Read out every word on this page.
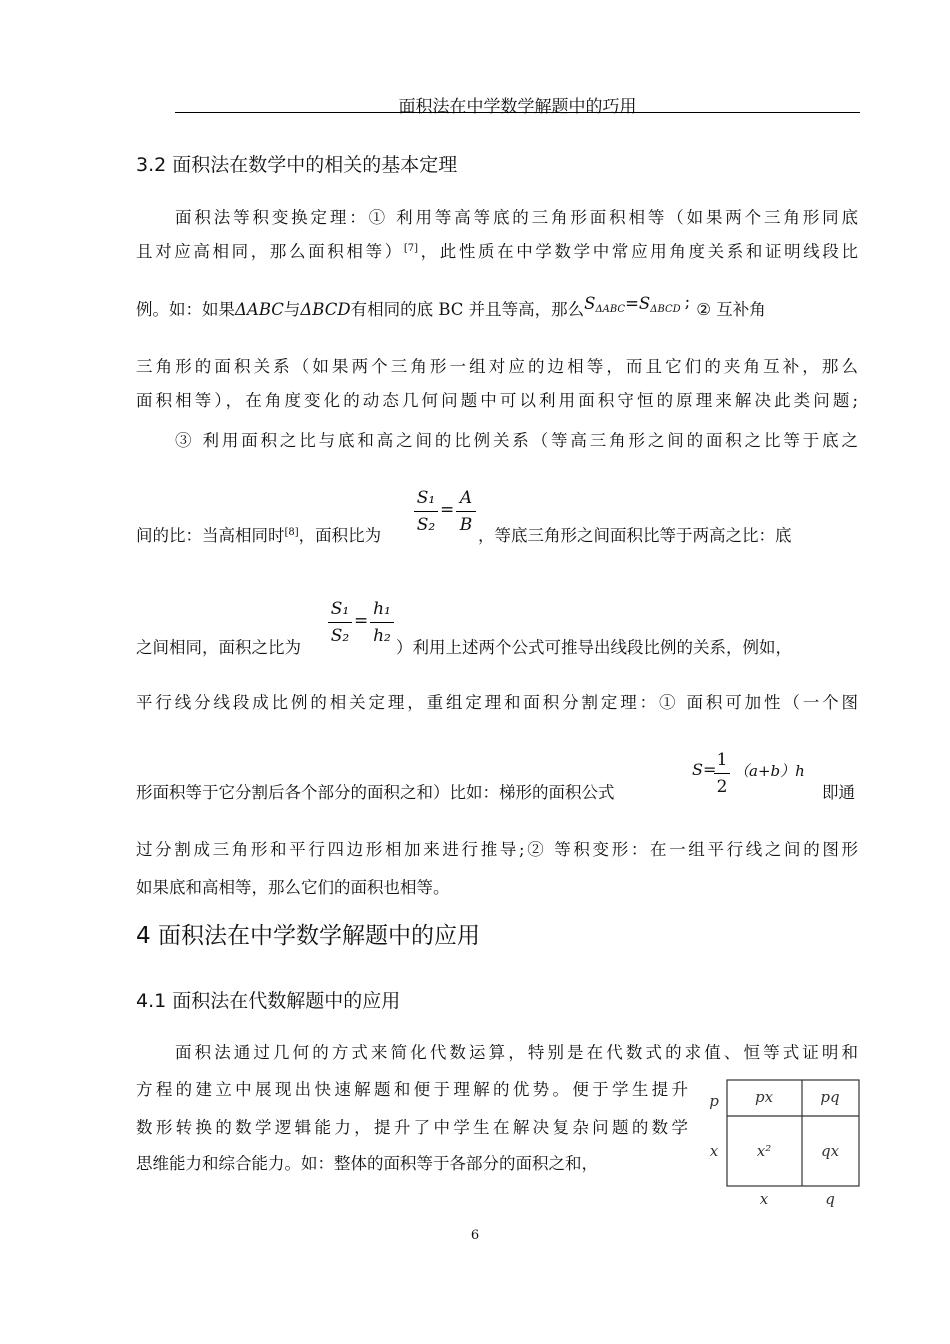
面积法在中学数学解题中的巧用
3.2 面积法在数学中的相关的基本定理
面积法等积变换定理：① 利用等高等底的三角形面积相等（如果两个三角形同底
且对应高相同，那么面积相等）[7]，此性质在中学数学中常应用角度关系和证明线段比
例。如：如果ΔABC与ΔBCD有相同的底 BC 并且等高，那么$S_{\Delta ABC}=S_{\Delta BCD}$ ; ② 互补角
三角形的面积关系（如果两个三角形一组对应的边相等，而且它们的夹角互补，那么
面积相等），在角度变化的动态几何问题中可以利用面积守恒的原理来解决此类问题;
③ 利用面积之比与底和高之间的比例关系（等高三角形之间的面积之比等于底之
S₁
S₂
=
A
B
间的比：当高相同时[8]，面积比为	，等底三角形之间面积比等于两高之比：底
S₁
S₂
=
h₁
h₂
之间相同，面积之比为	）利用上述两个公式可推导出线段比例的关系，例如，
平行线分线段成比例的相关定理，重组定理和面积分割定理：① 面积可加性（一个图
S= 1
2
（a+b）h
形面积等于它分割后各个部分的面积之和）比如：梯形的面积公式	即通
过分割成三角形和平行四边形相加来进行推导;② 等积变形：在一组平行线之间的图形
如果底和高相等，那么它们的面积也相等。
4 面积法在中学数学解题中的应用
4.1 面积法在代数解题中的应用
面积法通过几何的方式来简化代数运算，特别是在代数式的求值、恒等式证明和
方程的建立中展现出快速解题和便于理解的优势。便于学生提升
数形转换的数学逻辑能力，提升了中学生在解决复杂问题的数学
思维能力和综合能力。如：整体的面积等于各部分的面积之和，
px	pq
x²	qx
p
x
x	q
6
